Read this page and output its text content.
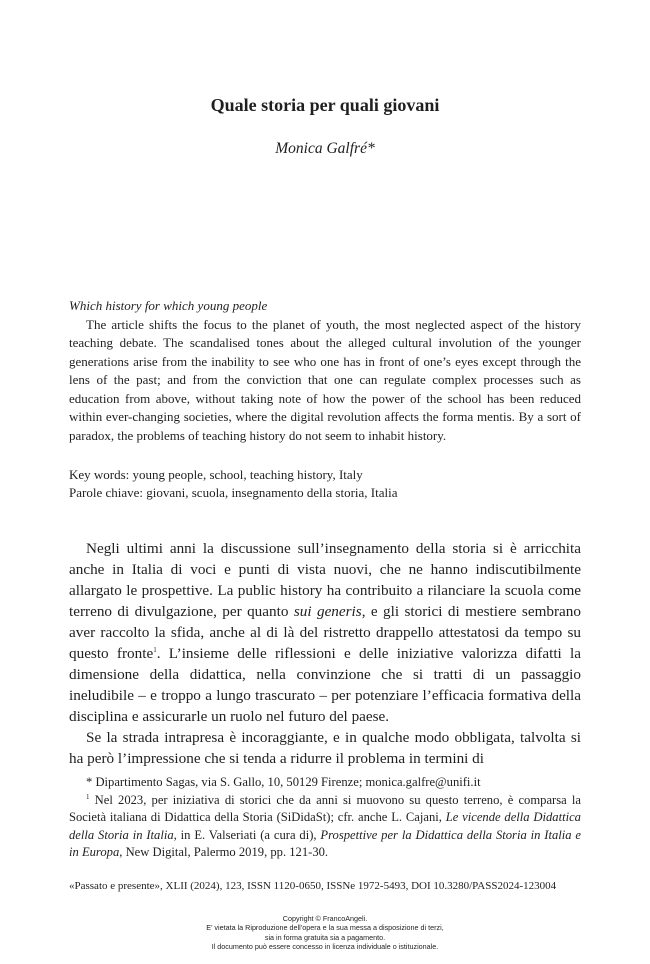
Quale storia per quali giovani

Monica Galfré*

Which history for which young people

The article shifts the focus to the planet of youth, the most neglected aspect of the history teaching debate. The scandalised tones about the alleged cultural involution of the younger generations arise from the inability to see who one has in front of one’s eyes except through the lens of the past; and from the conviction that one can regulate complex processes such as education from above, without taking note of how the power of the school has been reduced within ever-changing societies, where the digital revolution affects the forma mentis. By a sort of paradox, the problems of teaching history do not seem to inhabit history.

Key words: young people, school, teaching history, Italy

Parole chiave: giovani, scuola, insegnamento della storia, Italia

Negli ultimi anni la discussione sull’insegnamento della storia si è arricchita anche in Italia di voci e punti di vista nuovi, che ne hanno indiscutibilmente allargato le prospettive. La public history ha contribuito a rilanciare la scuola come terreno di divulgazione, per quanto sui generis, e gli storici di mestiere sembrano aver raccolto la sfida, anche al di là del ristretto drappello attestatosi da tempo su questo fronte$^1$. L’insieme delle riflessioni e delle iniziative valorizza difatti la dimensione della didattica, nella convinzione che si tratti di un passaggio ineludibile – e troppo a lungo trascurato – per potenziare l’efficacia formativa della disciplina e assicurarle un ruolo nel futuro del paese.

Se la strada intrapresa è incoraggiante, e in qualche modo obbligata, talvolta si ha però l’impressione che si tenda a ridurre il problema in termini di

* Dipartimento Sagas, via S. Gallo, 10, 50129 Firenze; monica.galfre@unifi.it

$^1$ Nel 2023, per iniziativa di storici che da anni si muovono su questo terreno, è comparsa la Società italiana di Didattica della Storia (SiDidaSt); cfr. anche L. Cajani, Le vicende della Didattica della Storia in Italia, in E. Valseriati (a cura di), Prospettive per la Didattica della Storia in Italia e in Europa, New Digital, Palermo 2019, pp. 121-30.

«Passato e presente», XLII (2024), 123, ISSN 1120-0650, ISSNe 1972-5493, DOI 10.3280/PASS2024-123004

Copyright © FrancoAngeli.

E’ vietata la Riproduzione dell’opera e la sua messa a disposizione di terzi,

sia in forma gratuita sia a pagamento.

Il documento può essere concesso in licenza individuale o istituzionale.
